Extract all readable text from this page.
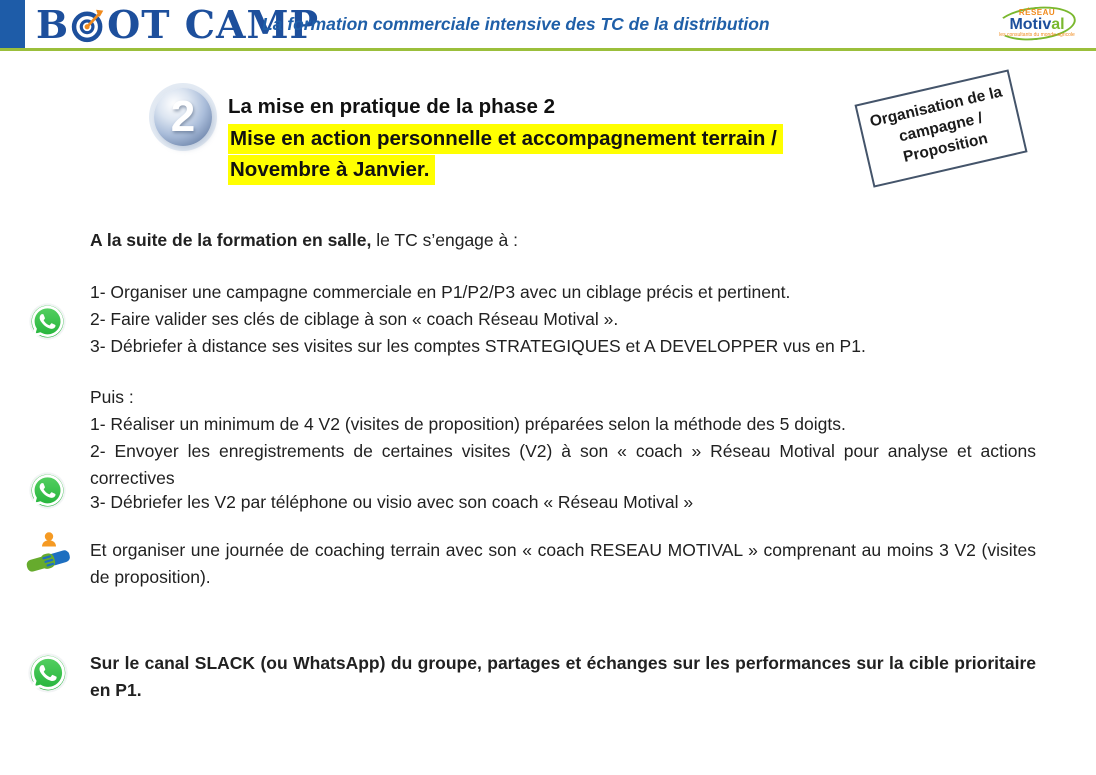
B OT CAMP
La formation commerciale intensive des TC de la distribution
RÉSEAU
Motival
les consultants du monde agricole
2 La mise en pratique de la phase 2
Mise en action personnelle et accompagnement terrain /
Novembre à Janvier.
Organisation de la campagne / Proposition

A la suite de la formation en salle, le TC s’engage à :

1- Organiser une campagne commerciale en P1/P2/P3 avec un ciblage précis et pertinent.
2- Faire valider ses clés de ciblage à son « coach Réseau Motival ».
3- Débriefer à distance ses visites sur les comptes STRATEGIQUES et A DEVELOPPER vus en P1.

Puis :

1- Réaliser un minimum de 4 V2 (visites de proposition) préparées selon la méthode des 5 doigts.

2- Envoyer les enregistrements de certaines visites (V2) à son « coach » Réseau Motival pour analyse et actions correctives

3- Débriefer les V2 par téléphone ou visio avec son coach « Réseau Motival »

Et organiser une journée de coaching terrain avec son « coach RESEAU MOTIVAL » comprenant au moins 3 V2 (visites de proposition).

Sur le canal SLACK (ou WhatsApp) du groupe, partages et échanges sur les performances sur la cible prioritaire en P1.
